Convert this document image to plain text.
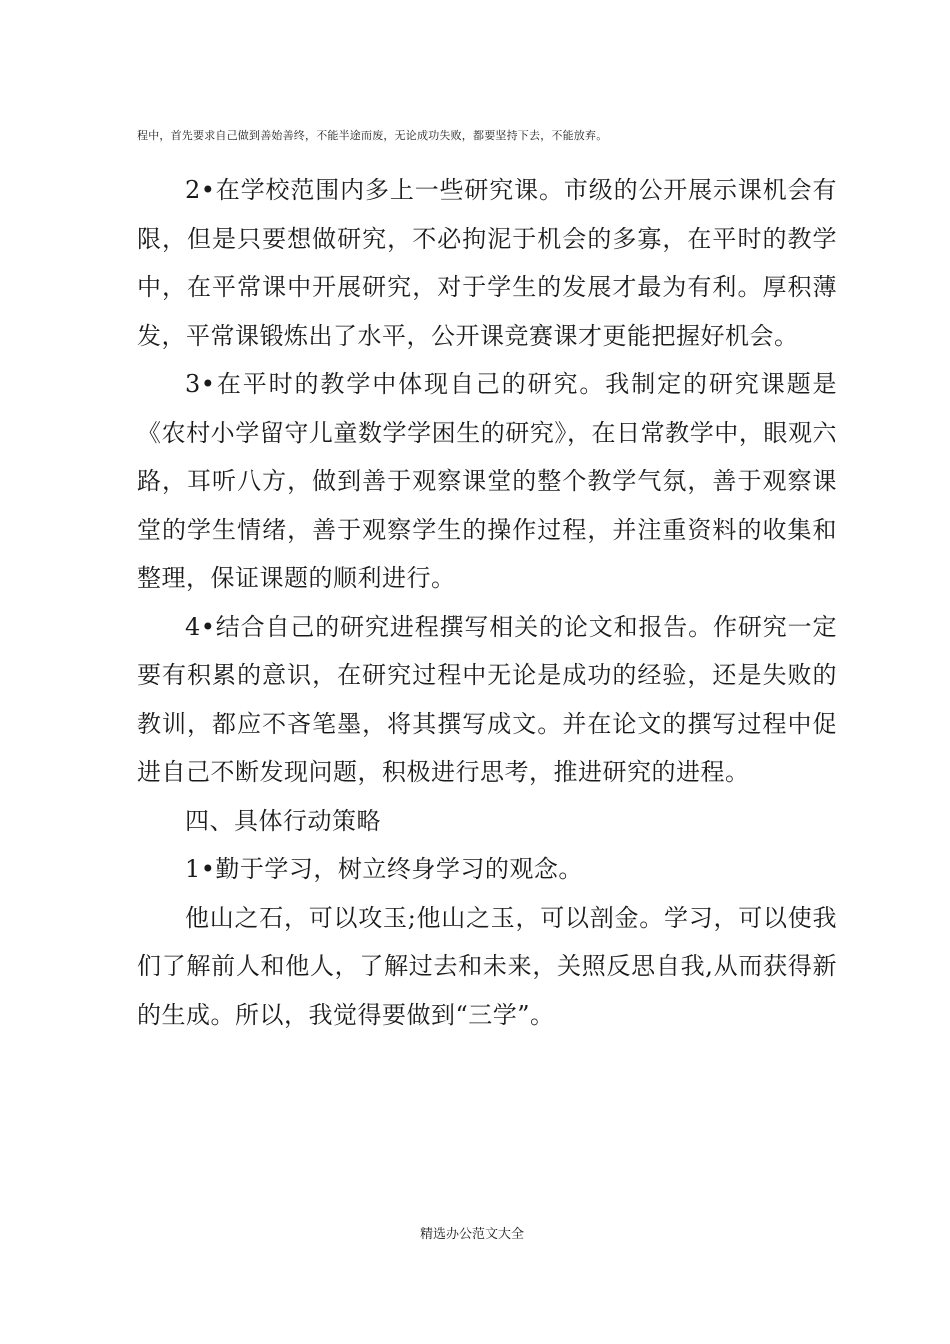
程中，首先要求自己做到善始善终，不能半途而废，无论成功失败，都要坚持下去，不能放弃。

2•在学校范围内多上一些研究课。市级的公开展示课机会有限，但是只要想做研究，不必拘泥于机会的多寡，在平时的教学中，在平常课中开展研究，对于学生的发展才最为有利。厚积薄发，平常课锻炼出了水平，公开课竞赛课才更能把握好机会。

3•在平时的教学中体现自己的研究。我制定的研究课题是《农村小学留守儿童数学学困生的研究》，在日常教学中，眼观六路，耳听八方，做到善于观察课堂的整个教学气氛，善于观察课堂的学生情绪，善于观察学生的操作过程，并注重资料的收集和整理，保证课题的顺利进行。

4•结合自己的研究进程撰写相关的论文和报告。作研究一定要有积累的意识，在研究过程中无论是成功的经验，还是失败的教训，都应不吝笔墨，将其撰写成文。并在论文的撰写过程中促进自己不断发现问题，积极进行思考，推进研究的进程。

四、具体行动策略

1•勤于学习，树立终身学习的观念。

他山之石，可以攻玉;他山之玉，可以剖金。学习，可以使我们了解前人和他人，了解过去和未来，关照反思自我,从而获得新的生成。所以，我觉得要做到“三学”。

精选办公范文大全
